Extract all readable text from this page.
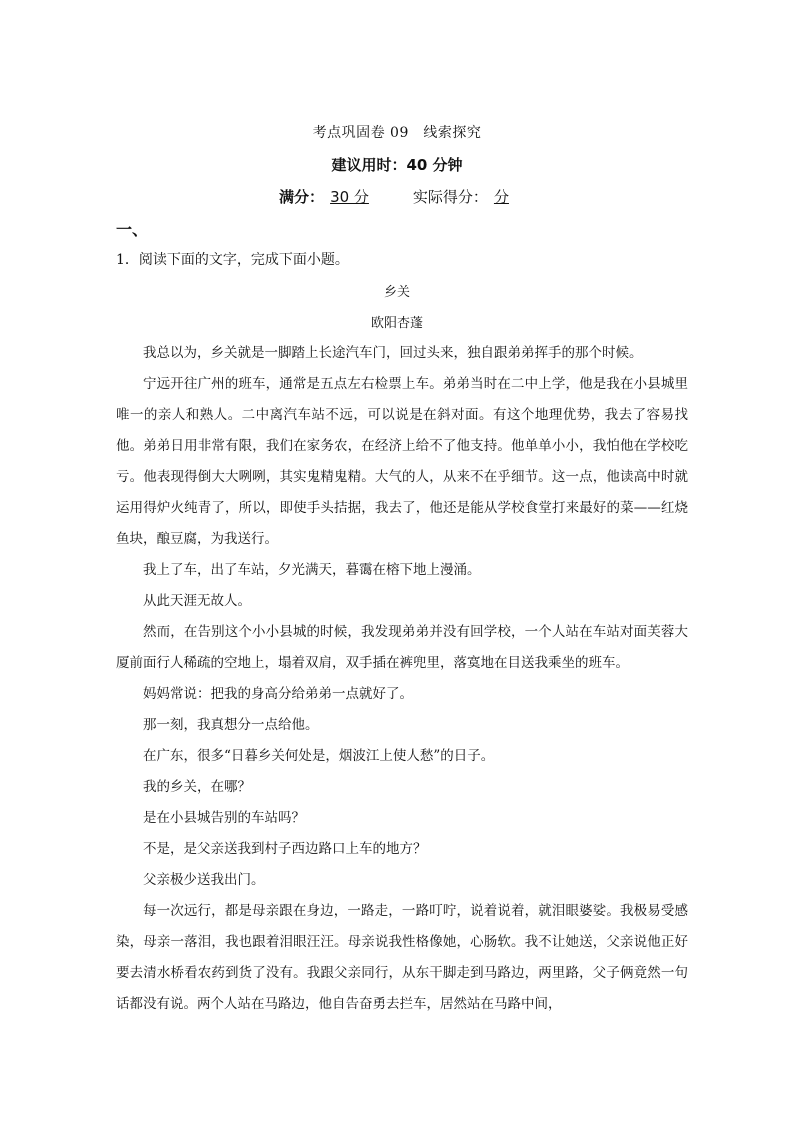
考点巩固卷 09　线索探究
建议用时：40 分钟
满分： 30 分	实际得分： 分
一、
1．阅读下面的文字，完成下面小题。
乡关
欧阳杏蓬

我总以为，乡关就是一脚踏上长途汽车门，回过头来，独自跟弟弟挥手的那个时候。

宁远开往广州的班车，通常是五点左右检票上车。弟弟当时在二中上学，他是我在小县城里唯一的亲人和熟人。二中离汽车站不远，可以说是在斜对面。有这个地理优势，我去了容易找他。弟弟日用非常有限，我们在家务农，在经济上给不了他支持。他单单小小，我怕他在学校吃亏。他表现得倒大大咧咧，其实鬼精鬼精。大气的人，从来不在乎细节。这一点，他读高中时就运用得炉火纯青了，所以，即使手头拮据，我去了，他还是能从学校食堂打来最好的菜——红烧鱼块，酿豆腐，为我送行。

我上了车，出了车站，夕光满天，暮霭在榕下地上漫涌。

从此天涯无故人。

然而，在告别这个小小县城的时候，我发现弟弟并没有回学校，一个人站在车站对面芙蓉大厦前面行人稀疏的空地上，塌着双肩，双手插在裤兜里，落寞地在目送我乘坐的班车。

妈妈常说：把我的身高分给弟弟一点就好了。

那一刻，我真想分一点给他。

在广东，很多“日暮乡关何处是，烟波江上使人愁”的日子。

我的乡关，在哪？

是在小县城告别的车站吗？

不是，是父亲送我到村子西边路口上车的地方？

父亲极少送我出门。

每一次远行，都是母亲跟在身边，一路走，一路叮咛，说着说着，就泪眼婆娑。我极易受感染，母亲一落泪，我也跟着泪眼汪汪。母亲说我性格像她，心肠软。我不让她送，父亲说他正好要去清水桥看农药到货了没有。我跟父亲同行，从东干脚走到马路边，两里路，父子俩竟然一句话都没有说。两个人站在马路边，他自告奋勇去拦车，居然站在马路中间，
